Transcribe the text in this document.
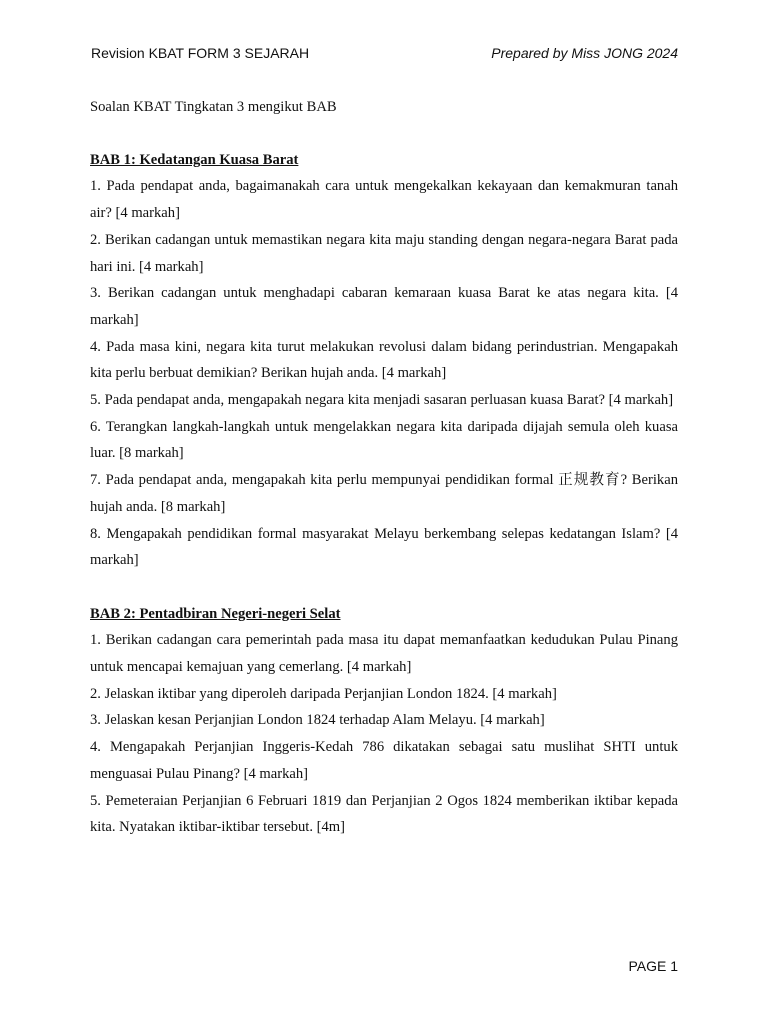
Revision KBAT FORM 3 SEJARAH	Prepared by Miss JONG 2024

Soalan KBAT Tingkatan 3 mengikut BAB

BAB 1: Kedatangan Kuasa Barat

1. Pada pendapat anda, bagaimanakah cara untuk mengekalkan kekayaan dan kemakmuran tanah air? [4 markah]

2. Berikan cadangan untuk memastikan negara kita maju standing dengan negara-negara Barat pada hari ini. [4 markah]

3. Berikan cadangan untuk menghadapi cabaran kemaraan kuasa Barat ke atas negara kita. [4 markah]

4. Pada masa kini, negara kita turut melakukan revolusi dalam bidang perindustrian. Mengapakah kita perlu berbuat demikian? Berikan hujah anda. [4 markah]

5. Pada pendapat anda, mengapakah negara kita menjadi sasaran perluasan kuasa Barat? [4 markah]

6. Terangkan langkah-langkah untuk mengelakkan negara kita daripada dijajah semula oleh kuasa luar. [8 markah]

7. Pada pendapat anda, mengapakah kita perlu mempunyai pendidikan formal 正规教育? Berikan hujah anda. [8 markah]

8. Mengapakah pendidikan formal masyarakat Melayu berkembang selepas kedatangan Islam? [4 markah]

BAB 2: Pentadbiran Negeri-negeri Selat

1. Berikan cadangan cara pemerintah pada masa itu dapat memanfaatkan kedudukan Pulau Pinang untuk mencapai kemajuan yang cemerlang. [4 markah]

2. Jelaskan iktibar yang diperoleh daripada Perjanjian London 1824. [4 markah]

3. Jelaskan kesan Perjanjian London 1824 terhadap Alam Melayu. [4 markah]

4. Mengapakah Perjanjian Inggeris-Kedah 786 dikatakan sebagai satu muslihat SHTI untuk menguasai Pulau Pinang? [4 markah]

5. Pemeteraian Perjanjian 6 Februari 1819 dan Perjanjian 2 Ogos 1824 memberikan iktibar kepada kita. Nyatakan iktibar-iktibar tersebut. [4m]

PAGE 1
